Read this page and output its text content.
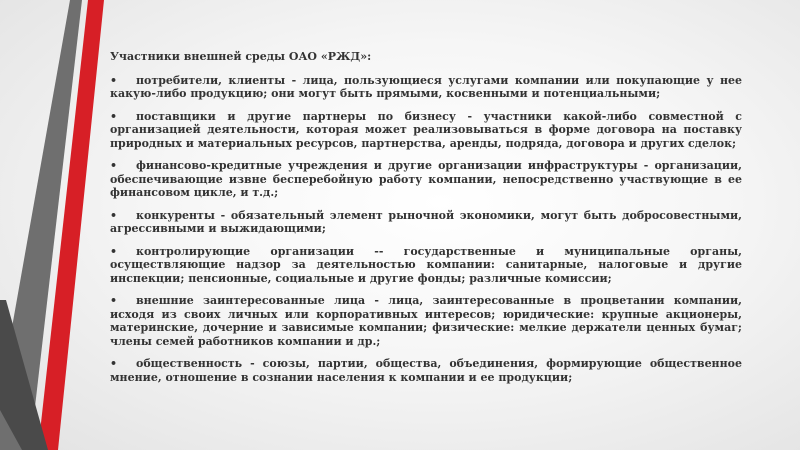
Участники внешней среды ОАО «РЖД»:

• потребители, клиенты - лица, пользующиеся услугами компании или покупающие у нее какую-либо продукцию; они могут быть прямыми, косвенными и потенциальными;

• поставщики и другие партнеры по бизнесу - участники какой-либо совместной с организацией деятельности, которая может реализовываться в форме договора на поставку природных и материальных ресурсов, партнерства, аренды, подряда, договора и других сделок;

• финансово-кредитные учреждения и другие организации инфраструктуры - организации, обеспечивающие извне бесперебойную работу компании, непосредственно участвующие в ее финансовом цикле, и т.д.;

• конкуренты - обязательный элемент рыночной экономики, могут быть добросовестными, агрессивными и выжидающими;

• контролирующие организации -- государственные и муниципальные органы, осуществляющие надзор за деятельностью компании: санитарные, налоговые и другие инспекции; пенсионные, социальные и другие фонды; различные комиссии;

• внешние заинтересованные лица - лица, заинтересованные в процветании компании, исходя из своих личных или корпоративных интересов; юридические: крупные акционеры, материнские, дочерние и зависимые компании; физические: мелкие держатели ценных бумаг; члены семей работников компании и др.;

• общественность - союзы, партии, общества, объединения, формирующие общественное мнение, отношение в сознании населения к компании и ее продукции;
